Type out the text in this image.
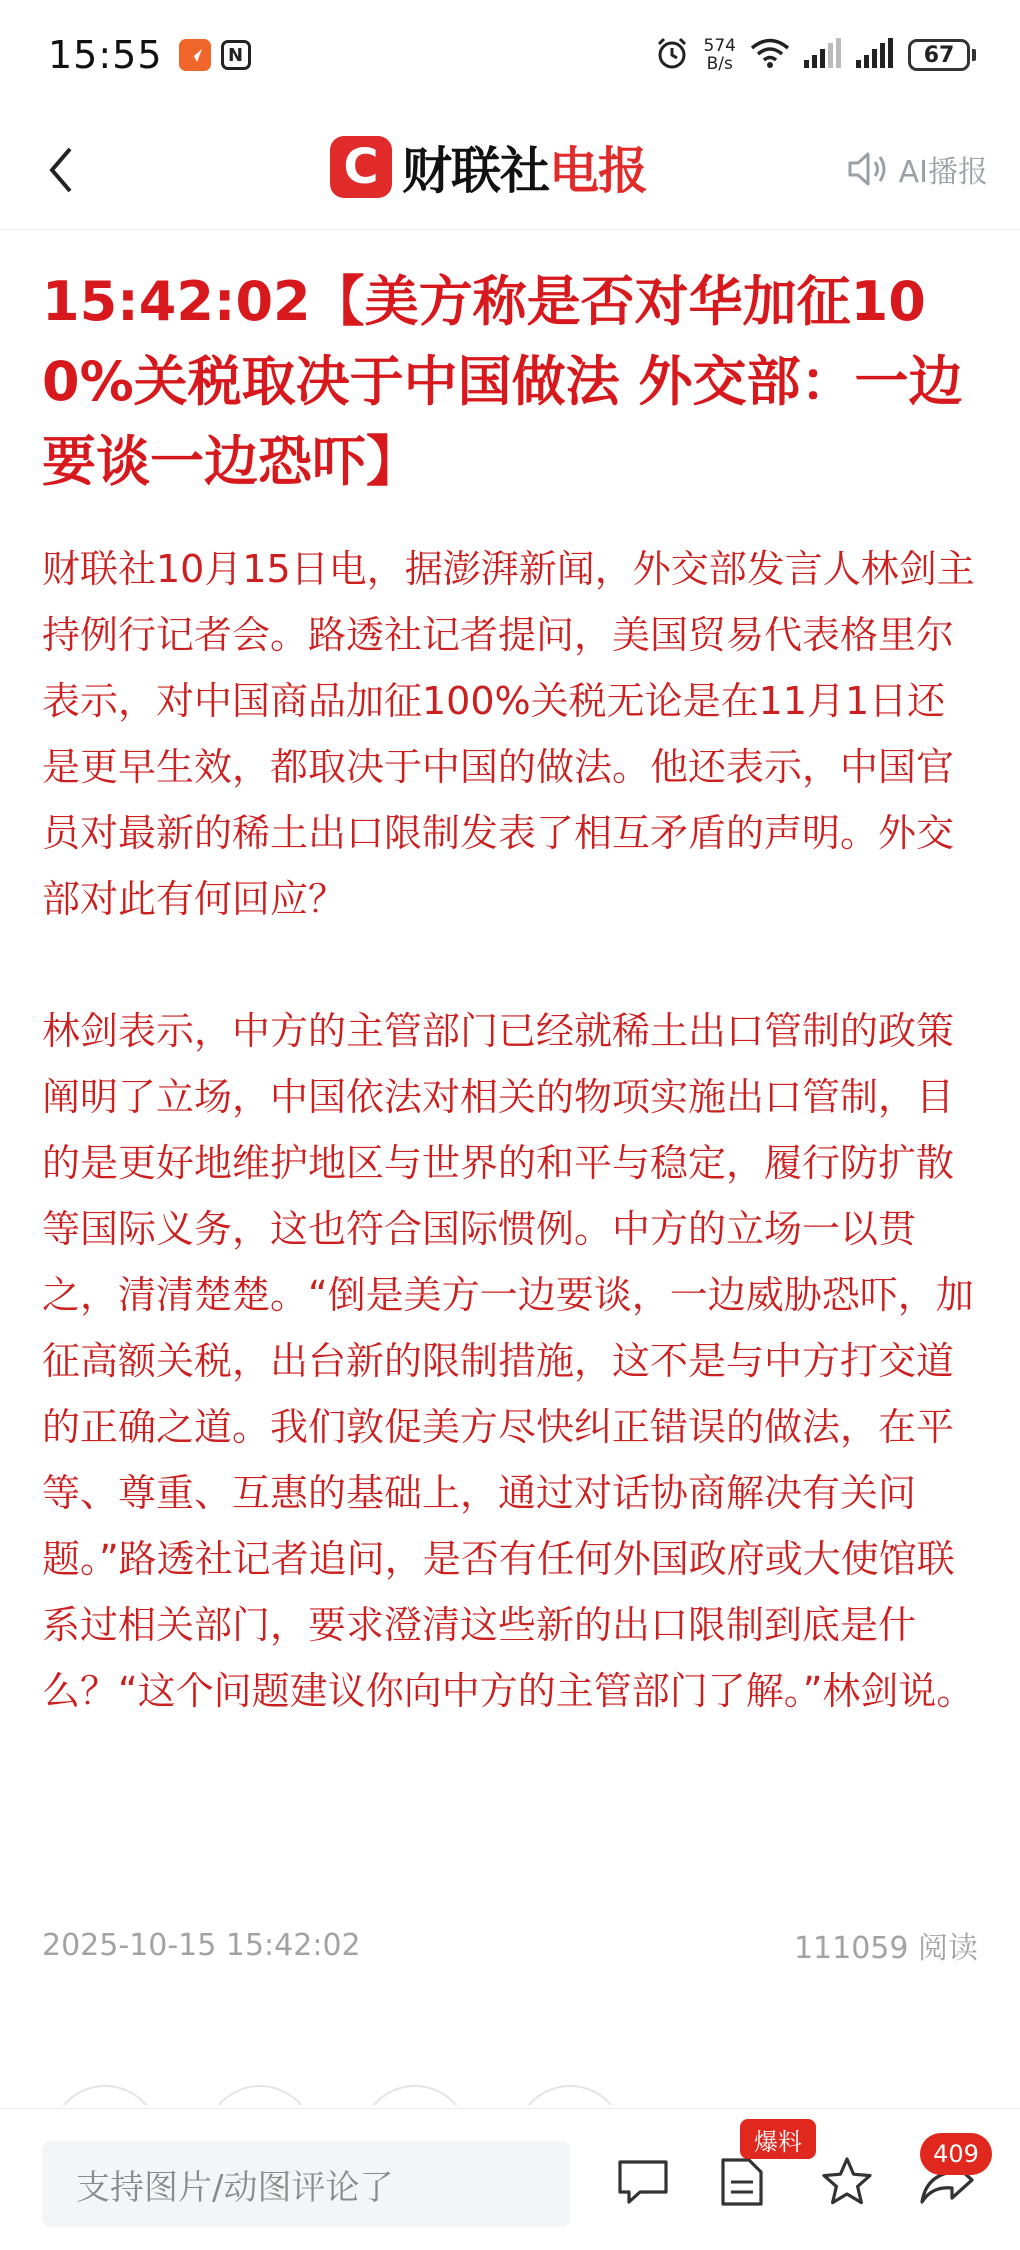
15:55	N	574
B/s	67
C 财联社 电报	AI播报
15:42:02【美方称是否对华加征100%关税取决于中国做法 外交部：一边要谈一边恐吓】

财联社10月15日电，据澎湃新闻，外交部发言人林剑主持例行记者会。路透社记者提问，美国贸易代表格里尔表示，对中国商品加征100%关税无论是在11月1日还是更早生效，都取决于中国的做法。他还表示，中国官员对最新的稀土出口限制发表了相互矛盾的声明。外交部对此有何回应？

林剑表示，中方的主管部门已经就稀土出口管制的政策阐明了立场，中国依法对相关的物项实施出口管制，目的是更好地维护地区与世界的和平与稳定，履行防扩散等国际义务，这也符合国际惯例。中方的立场一以贯之，清清楚楚。“倒是美方一边要谈，一边威胁恐吓，加征高额关税，出台新的限制措施，这不是与中方打交道的正确之道。我们敦促美方尽快纠正错误的做法，在平等、尊重、互惠的基础上，通过对话协商解决有关问题。”路透社记者追问，是否有任何外国政府或大使馆联系过相关部门，要求澄清这些新的出口限制到底是什么？“这个问题建议你向中方的主管部门了解。”林剑说。

2025-10-15 15:42:02	111059 阅读
支持图片/动图评论了
爆料	409
